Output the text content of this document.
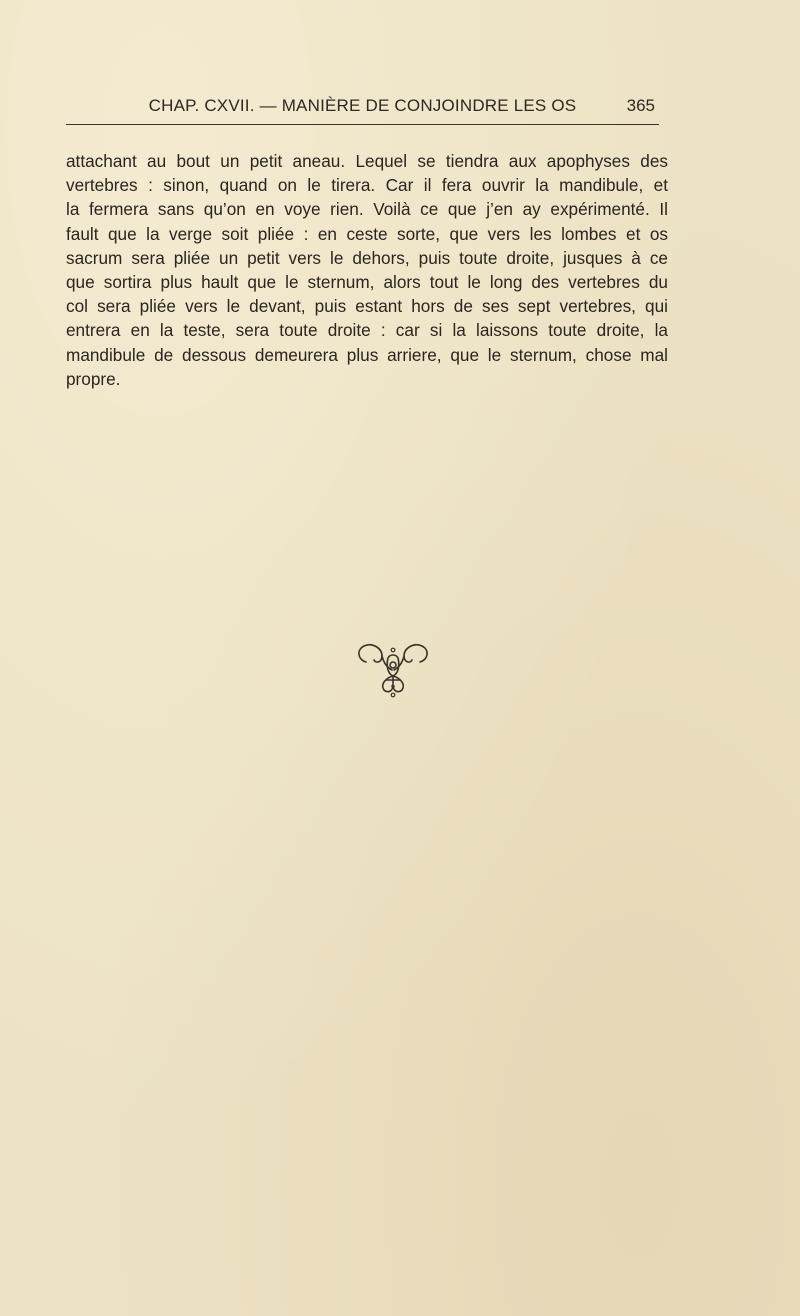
CHAP. CXVII. — MANIÈRE DE CONJOINDRE LES OS	365

attachant au bout un petit aneau. Lequel se tiendra aux apophyses des
vertebres : sinon, quand on le tirera. Car il fera ouvrir la mandibule, et
la fermera sans qu’on en voye rien. Voilà ce que j’en ay expérimenté. Il
fault que la verge soit pliée : en ceste sorte, que vers les lombes et os
sacrum sera pliée un petit vers le dehors, puis toute droite, jusques à ce
que sortira plus hault que le sternum, alors tout le long des vertebres du
col sera pliée vers le devant, puis estant hors de ses sept vertebres, qui
entrera en la teste, sera toute droite : car si la laissons toute droite, la
mandibule de dessous demeurera plus arriere, que le sternum, chose mal
propre.
